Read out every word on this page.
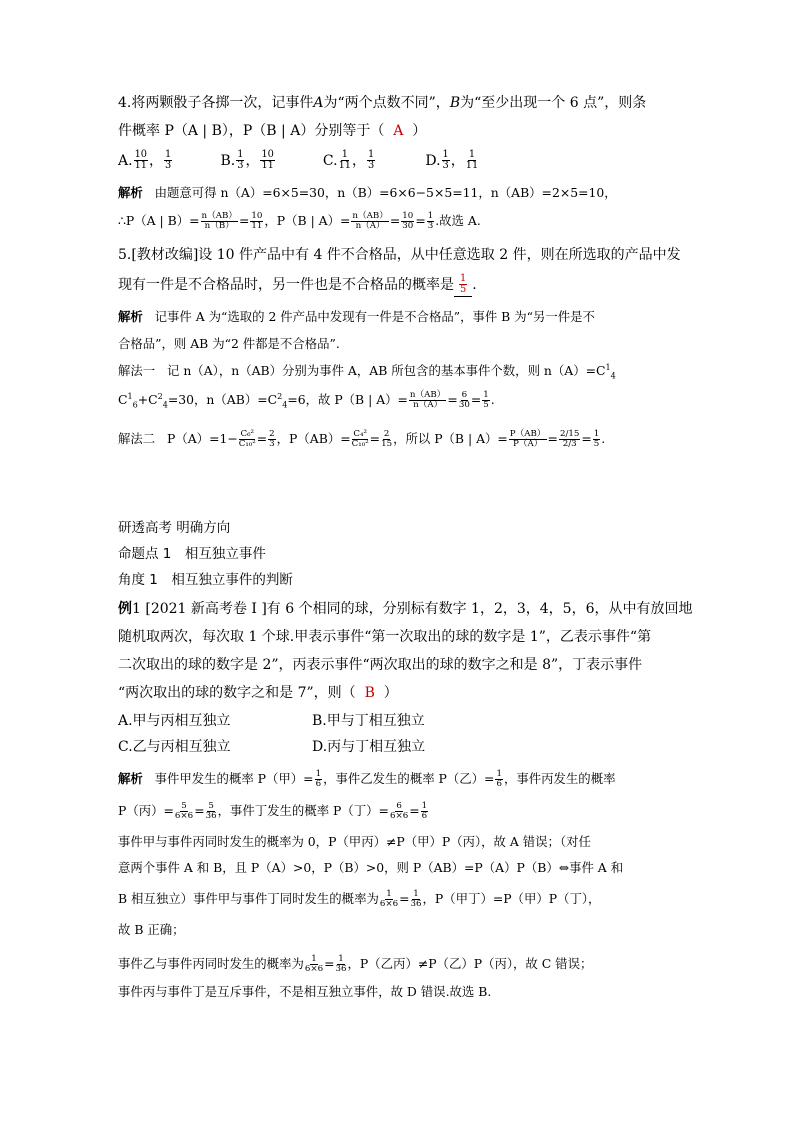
4.将两颗骰子各掷一次，记事件A为“两个点数不同”，B为“至少出现一个 6 点”，则条
件概率 P（A | B），P（B | A）分别等于（ A ）
A. $\frac{10}{11}$ ， $\frac{1}{3}$	B. $\frac{1}{3}$ ， $\frac{10}{11}$	C. $\frac{1}{11}$ ， $\frac{1}{3}$	D. $\frac{1}{3}$ ， $\frac{1}{11}$
解析 由题意可得 n（A）=6×5=30，n（B）=6×6−5×5=11，n（AB）=2×5=10，
∴P（A | $B)= \frac{n(AB)}{n(B)} = \frac{10}{11}$ ，P（B | $A)= \frac{n(AB)}{n(A)} = \frac{10}{30} = \frac{1}{3}$ .故选 A.
5.[教材改编]设 10 件产品中有 4 件不合格品，从中任意选取 2 件，则在所选取的产品中发
现有一件是不合格品时，另一件也是不合格品的概率是 $\frac{1}{5}$ .
解析 记事件 A 为“选取的 2 件产品中发现有一件是不合格品”，事件 B 为“另一件是不
合格品”，则 AB 为“2 件都是不合格品”.
解法一 记 n（A），n（AB）分别为事件 A，AB 所包含的基本事件个数，则 $n(A)=C^1_4$
$C^1_6+C^2_4=30$，$n(AB)=C^2_4=6$，故 P（B | $A)= \frac{n(AB)}{n(A)} = \frac{6}{30} = \frac{1}{5}$ .
解法二 $P(A)=1- \frac{\text{C₆²}}{\text{C₁₀²}} = \frac{2}{3}$ ，$P(AB)= \frac{\text{C₄²}}{\text{C₁₀²}} = \frac{2}{15}$ ，所以 P（B | $A)= \frac{P(AB)}{P(A)} = \frac{2/15}{2/3} = \frac{1}{5}$ .
研透高考 明确方向
命题点 1　相互独立事件
角度 1　相互独立事件的判断
例1 [2021 新高考卷 I ]有 6 个相同的球，分别标有数字 1，2，3，4，5，6，从中有放回地
随机取两次，每次取 1 个球.甲表示事件“第一次取出的球的数字是 1”，乙表示事件“第
二次取出的球的数字是 2”，丙表示事件“两次取出的球的数字之和是 8”，丁表示事件
“两次取出的球的数字之和是 7”，则（ B ）
A.甲与丙相互独立	B.甲与丁相互独立
C.乙与丙相互独立	D.丙与丁相互独立
解析 事件甲发生的概率 P（甲）= $\frac{1}{6}$ ，事件乙发生的概率 P（乙）= $\frac{1}{6}$ ，事件丙发生的概率
P（丙）= $\frac{5}{6\times 6} = \frac{5}{36}$ ，事件丁发生的概率 P（丁）= $\frac{6}{6\times 6} = \frac{1}{6}$
事件甲与事件丙同时发生的概率为 0，P（甲丙）≠P（甲）P（丙），故 A 错误；（对任
意两个事件 A 和 B，且 P（A）>0，P（B）>0，则 P（AB）=P（A）P（B）⇔事件 A 和
B 相互独立）事件甲与事件丁同时发生的概率为 $\frac{1}{6\times 6} = \frac{1}{36}$ ，P（甲丁）=P（甲）P（丁），
故 B 正确；
事件乙与事件丙同时发生的概率为 $\frac{1}{6\times 6} = \frac{1}{36}$ ，P（乙丙）≠P（乙）P（丙），故 C 错误；
事件丙与事件丁是互斥事件，不是相互独立事件，故 D 错误.故选 B.
